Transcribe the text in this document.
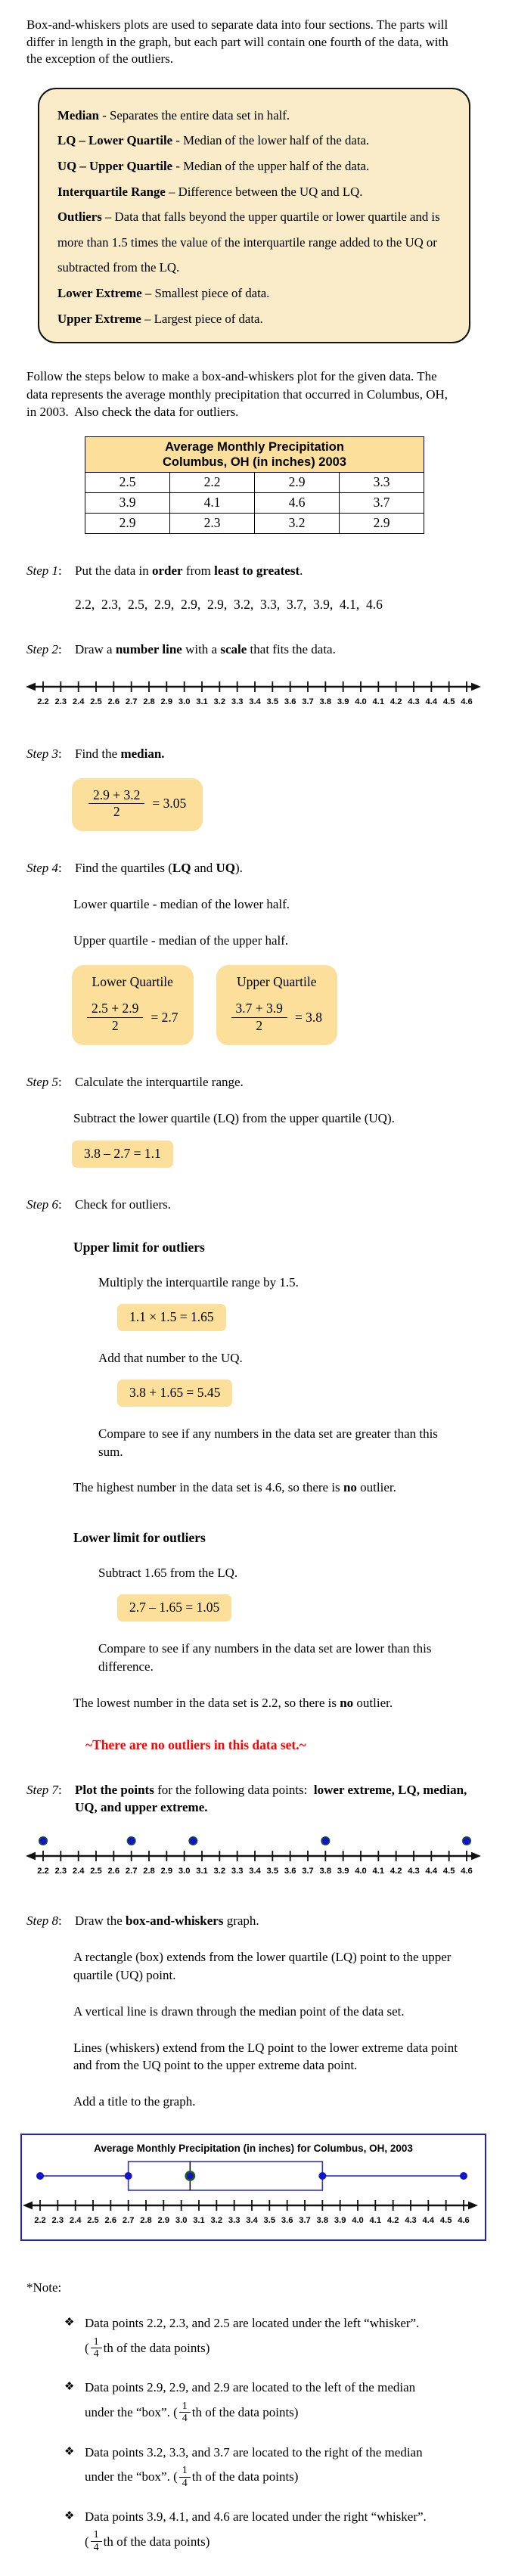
Box-and-whiskers plots are used to separate data into four sections. The parts will differ in length in the graph, but each part will contain one fourth of the data, with the exception of the outliers.

Median - Separates the entire data set in half.
LQ – Lower Quartile - Median of the lower half of the data.
UQ – Upper Quartile - Median of the upper half of the data.
Interquartile Range – Difference between the UQ and LQ.
Outliers – Data that falls beyond the upper quartile or lower quartile and is more than 1.5 times the value of the interquartile range added to the UQ or subtracted from the LQ.
Lower Extreme – Smallest piece of data.
Upper Extreme – Largest piece of data.

Follow the steps below to make a box-and-whiskers plot for the given data. The data represents the average monthly precipitation that occurred in Columbus, OH, in 2003.  Also check the data for outliers.

Average Monthly Precipitation
Columbus, OH (in inches) 2003			

2.5	2.2	2.9	3.3
3.9	4.1	4.6	3.7
2.9	2.3	3.2	2.9
Step 1:	Put the data in order from least to greatest.
2.2,  2.3,  2.5,  2.9,  2.9,  2.9,  3.2,  3.3,  3.7,  3.9,  4.1,  4.6
Step 2:	Draw a number line with a scale that fits the data.
2.2 2.3 2.4 2.5 2.6 2.7 2.8 2.9 3.0 3.1 3.2 3.3 3.4 3.5 3.6 3.7 3.8 3.9 4.0 4.1 4.2 4.3 4.4 4.5 4.6
Step 3:	Find the median.
$\frac{2.9 + 3.2}{2} = 3.05$
Step 4:	Find the quartiles (LQ and UQ).
Lower quartile - median of the lower half.
Upper quartile - median of the upper half.
Lower Quartile
$\frac{2.5 + 2.9}{2} = 2.7$
Upper Quartile
$\frac{3.7 + 3.9}{2} = 3.8$
Step 5:	Calculate the interquartile range.
Subtract the lower quartile (LQ) from the upper quartile (UQ).
3.8 – 2.7 = 1.1
Step 6:	Check for outliers.
Upper limit for outliers
Multiply the interquartile range by 1.5.
1.1 × 1.5 = 1.65
Add that number to the UQ.
3.8 + 1.65 = 5.45
Compare to see if any numbers in the data set are greater than this sum.
The highest number in the data set is 4.6, so there is no outlier.
Lower limit for outliers
Subtract 1.65 from the LQ.
2.7 – 1.65 = 1.05
Compare to see if any numbers in the data set are lower than this difference.
The lowest number in the data set is 2.2, so there is no outlier.
~There are no outliers in this data set.~
Step 7:	Plot the points for the following data points:  lower extreme, LQ, median, UQ, and upper extreme.
2.2 2.3 2.4 2.5 2.6 2.7 2.8 2.9 3.0 3.1 3.2 3.3 3.4 3.5 3.6 3.7 3.8 3.9 4.0 4.1 4.2 4.3 4.4 4.5 4.6
Step 8:	Draw the box-and-whiskers graph.
A rectangle (box) extends from the lower quartile (LQ) point to the upper quartile (UQ) point.
A vertical line is drawn through the median point of the data set.
Lines (whiskers) extend from the LQ point to the lower extreme data point and from the UQ point to the upper extreme data point.
Add a title to the graph.
Average Monthly Precipitation (in inches) for Columbus, OH, 2003
2.2 2.3 2.4 2.5 2.6 2.7 2.8 2.9 3.0 3.1 3.2 3.3 3.4 3.5 3.6 3.7 3.8 3.9 4.0 4.1 4.2 4.3 4.4 4.5 4.6
*Note:
❖ Data points 2.2, 2.3, and 2.5 are located under the left “whisker”.
( $\frac{1}{4}$ th of the data points)
❖ Data points 2.9, 2.9, and 2.9 are located to the left of the median
under the “box”. ( $\frac{1}{4}$ th of the data points)
❖ Data points 3.2, 3.3, and 3.7 are located to the right of the median
under the “box”. ( $\frac{1}{4}$ th of the data points)
❖ Data points 3.9, 4.1, and 4.6 are located under the right “whisker”.
( $\frac{1}{4}$ th of the data points)
